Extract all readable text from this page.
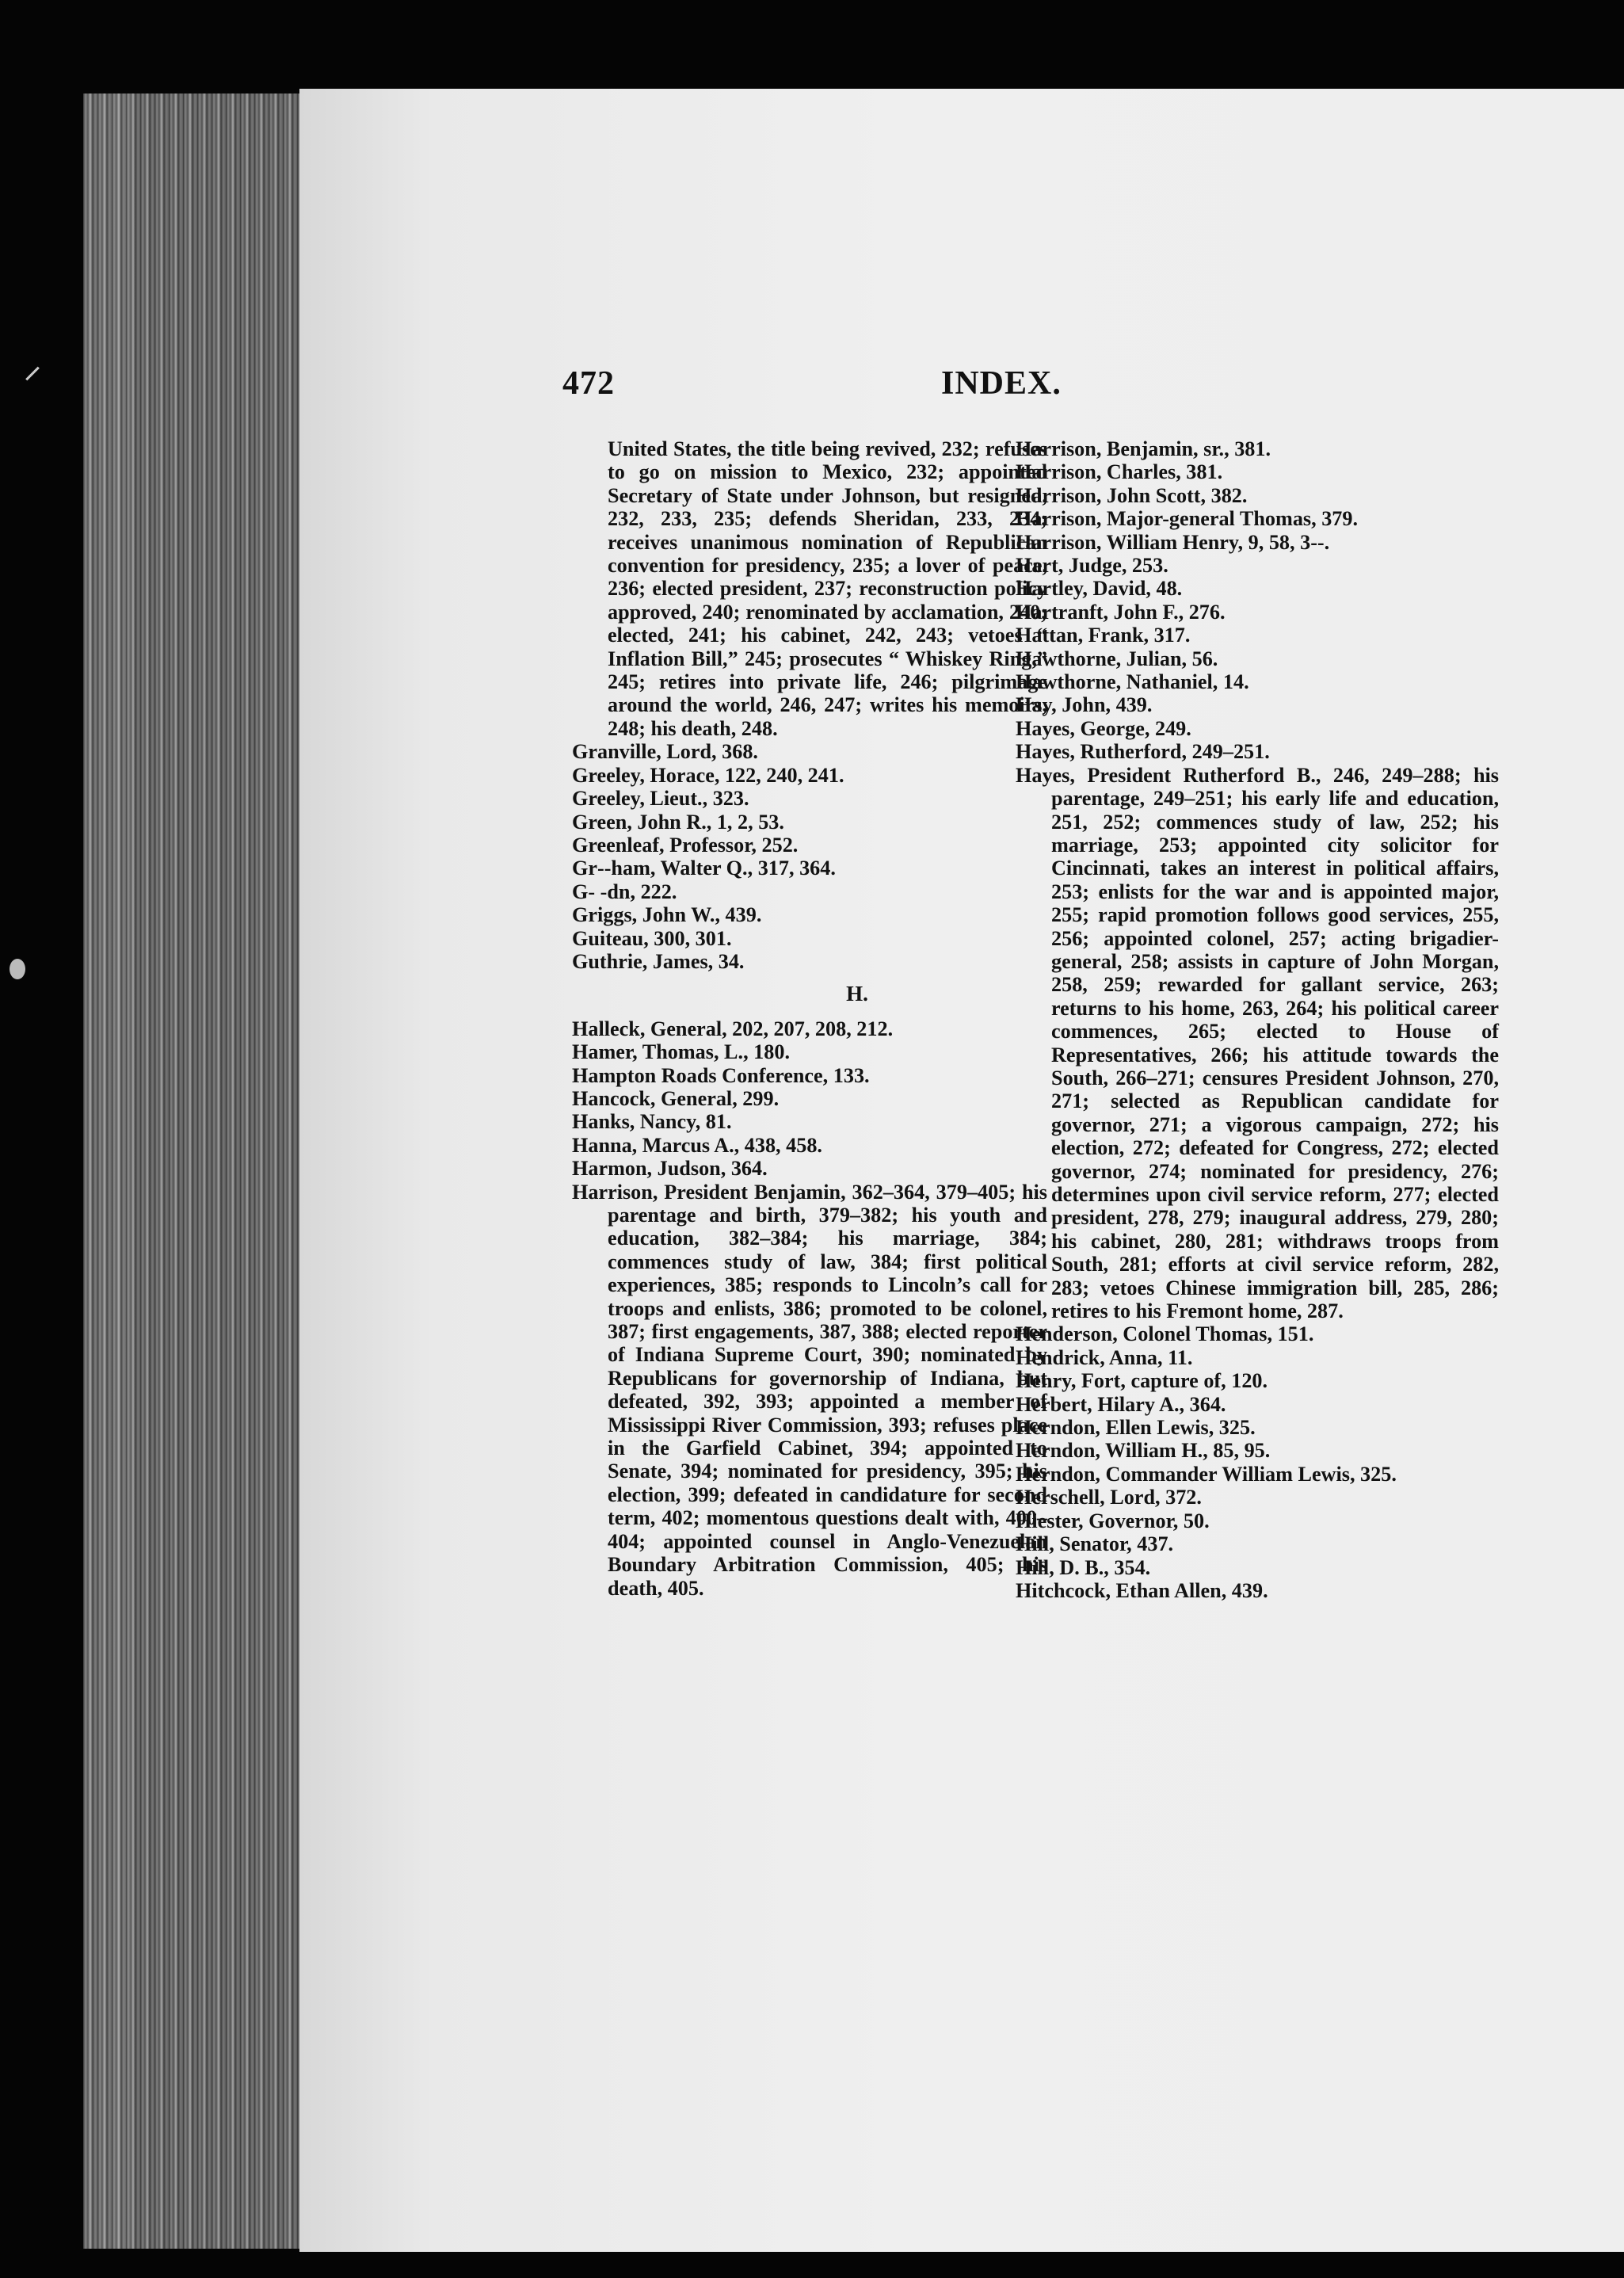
472	INDEX.
United States, the title being revived, 232; refuses to go on mission to Mexico, 232; appointed Secretary of State under Johnson, but resigned, 232, 233, 235; defends Sheridan, 233, 234; receives unanimous nomination of Republican convention for presidency, 235; a lover of peace, 236; elected president, 237; reconstruction policy approved, 240; renominated by acclamation, 240; elected, 241; his cabinet, 242, 243; vetoes “ Inflation Bill,” 245; prosecutes “ Whiskey Ring,” 245; retires into private life, 246; pilgrimage around the world, 246, 247; writes his memoirs, 248; his death, 248.
Granville, Lord, 368.
Greeley, Horace, 122, 240, 241.
Greeley, Lieut., 323.
Green, John R., 1, 2, 53.
Greenleaf, Professor, 252.
Gr‑‑ham, Walter Q., 317, 364.
G‑ ‑dn, 222.
Griggs, John W., 439.
Guiteau, 300, 301.
Guthrie, James, 34.
H.
Halleck, General, 202, 207, 208, 212.
Hamer, Thomas, L., 180.
Hampton Roads Conference, 133.
Hancock, General, 299.
Hanks, Nancy, 81.
Hanna, Marcus A., 438, 458.
Harmon, Judson, 364.
Harrison, President Benjamin, 362–364, 379–405; his parentage and birth, 379–382; his youth and education, 382–384; his marriage, 384; commences study of law, 384; first political experiences, 385; responds to Lincoln’s call for troops and enlists, 386; promoted to be colonel, 387; first engagements, 387, 388; elected reporter of Indiana Supreme Court, 390; nominated by Republicans for governorship of Indiana, but defeated, 392, 393; appointed a member of Mississippi River Commission, 393; refuses place in the Garfield Cabinet, 394; appointed to Senate, 394; nominated for presidency, 395; his election, 399; defeated in candidature for second term, 402; momentous questions dealt with, 400–404; appointed counsel in Anglo-Venezuelan Boundary Arbitration Commission, 405; his death, 405.
Harrison, Benjamin, sr., 381.
Harrison, Charles, 381.
Harrison, John Scott, 382.
Harrison, Major-general Thomas, 379.
Harrison, William Henry, 9, 58, 3‑‑.
Hart, Judge, 253.
Hartley, David, 48.
Hartranft, John F., 276.
Hattan, Frank, 317.
Hawthorne, Julian, 56.
Hawthorne, Nathaniel, 14.
Hay, John, 439.
Hayes, George, 249.
Hayes, Rutherford, 249–251.
Hayes, President Rutherford B., 246, 249–288; his parentage, 249–251; his early life and education, 251, 252; commences study of law, 252; his marriage, 253; appointed city solicitor for Cincinnati, takes an interest in political affairs, 253; enlists for the war and is appointed major, 255; rapid promotion follows good services, 255, 256; appointed colonel, 257; acting brigadier-general, 258; assists in capture of John Morgan, 258, 259; rewarded for gallant service, 263; returns to his home, 263, 264; his political career commences, 265; elected to House of Representatives, 266; his attitude towards the South, 266–271; censures President Johnson, 270, 271; selected as Republican candidate for governor, 271; a vigorous campaign, 272; his election, 272; defeated for Congress, 272; elected governor, 274; nominated for presidency, 276; determines upon civil service reform, 277; elected president, 278, 279; inaugural address, 279, 280; his cabinet, 280, 281; withdraws troops from South, 281; efforts at civil service reform, 282, 283; vetoes Chinese immigration bill, 285, 286; retires to his Fremont home, 287.
Henderson, Colonel Thomas, 151.
Hendrick, Anna, 11.
Henry, Fort, capture of, 120.
Herbert, Hilary A., 364.
Herndon, Ellen Lewis, 325.
Herndon, William H., 85, 95.
Herndon, Commander William Lewis, 325.
Herschell, Lord, 372.
Hiester, Governor, 50.
Hill, Senator, 437.
Hill, D. B., 354.
Hitchcock, Ethan Allen, 439.
